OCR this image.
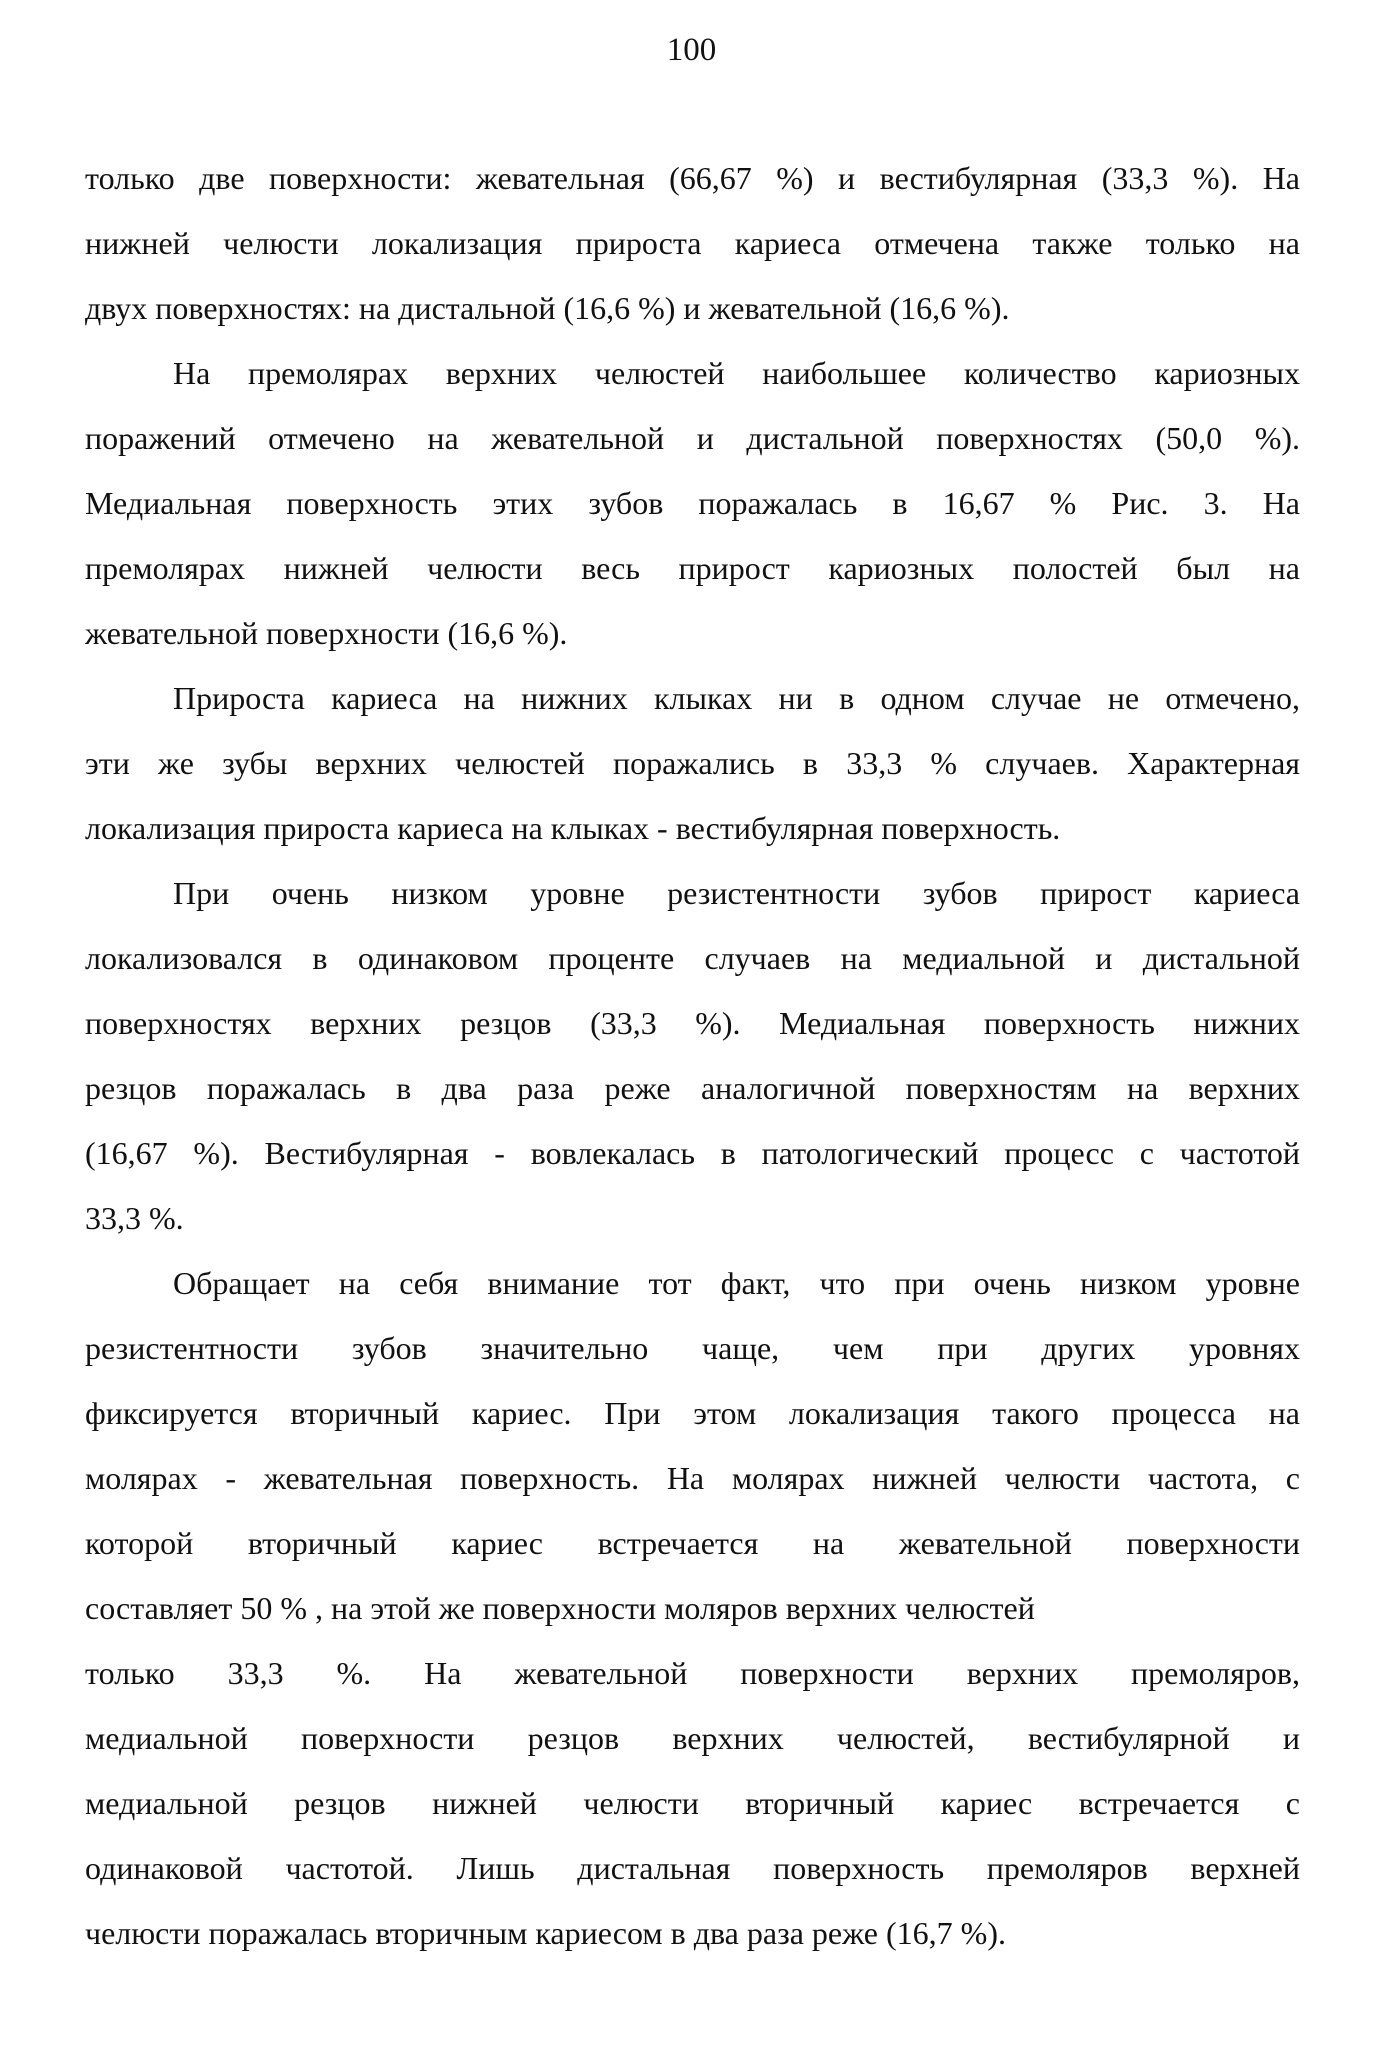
100
только две поверхности: жевательная (66,67 %) и вестибулярная (33,3 %). На
нижней челюсти локализация прироста кариеса отмечена также только на
двух поверхностях: на дистальной (16,6 %) и жевательной (16,6 %).
На премолярах верхних челюстей наибольшее количество кариозных
поражений отмечено на жевательной и дистальной поверхностях (50,0 %).
Медиальная поверхность этих зубов поражалась в 16,67 % Рис. 3. На
премолярах нижней челюсти весь прирост кариозных полостей был на
жевательной поверхности (16,6 %).
Прироста кариеса на нижних клыках ни в одном случае не отмечено,
эти же зубы верхних челюстей поражались в 33,3 % случаев. Характерная
локализация прироста кариеса на клыках - вестибулярная поверхность.
При очень низком уровне резистентности зубов прирост кариеса
локализовался в одинаковом проценте случаев на медиальной и дистальной
поверхностях верхних резцов (33,3 %). Медиальная поверхность нижних
резцов поражалась в два раза реже аналогичной поверхностям на верхних
(16,67 %). Вестибулярная - вовлекалась в патологический процесс с частотой
33,3 %.
Обращает на себя внимание тот факт, что при очень низком уровне
резистентности зубов значительно чаще, чем при других уровнях
фиксируется вторичный кариес. При этом локализация такого процесса на
молярах - жевательная поверхность. На молярах нижней челюсти частота, с
которой вторичный кариес встречается на жевательной поверхности
составляет 50 % , на этой же поверхности моляров верхних челюстей
только 33,3 %. На жевательной поверхности верхних премоляров,
медиальной поверхности резцов верхних челюстей, вестибулярной и
медиальной резцов нижней челюсти вторичный кариес встречается с
одинаковой частотой. Лишь дистальная поверхность премоляров верхней
челюсти поражалась вторичным кариесом в два раза реже (16,7 %).
